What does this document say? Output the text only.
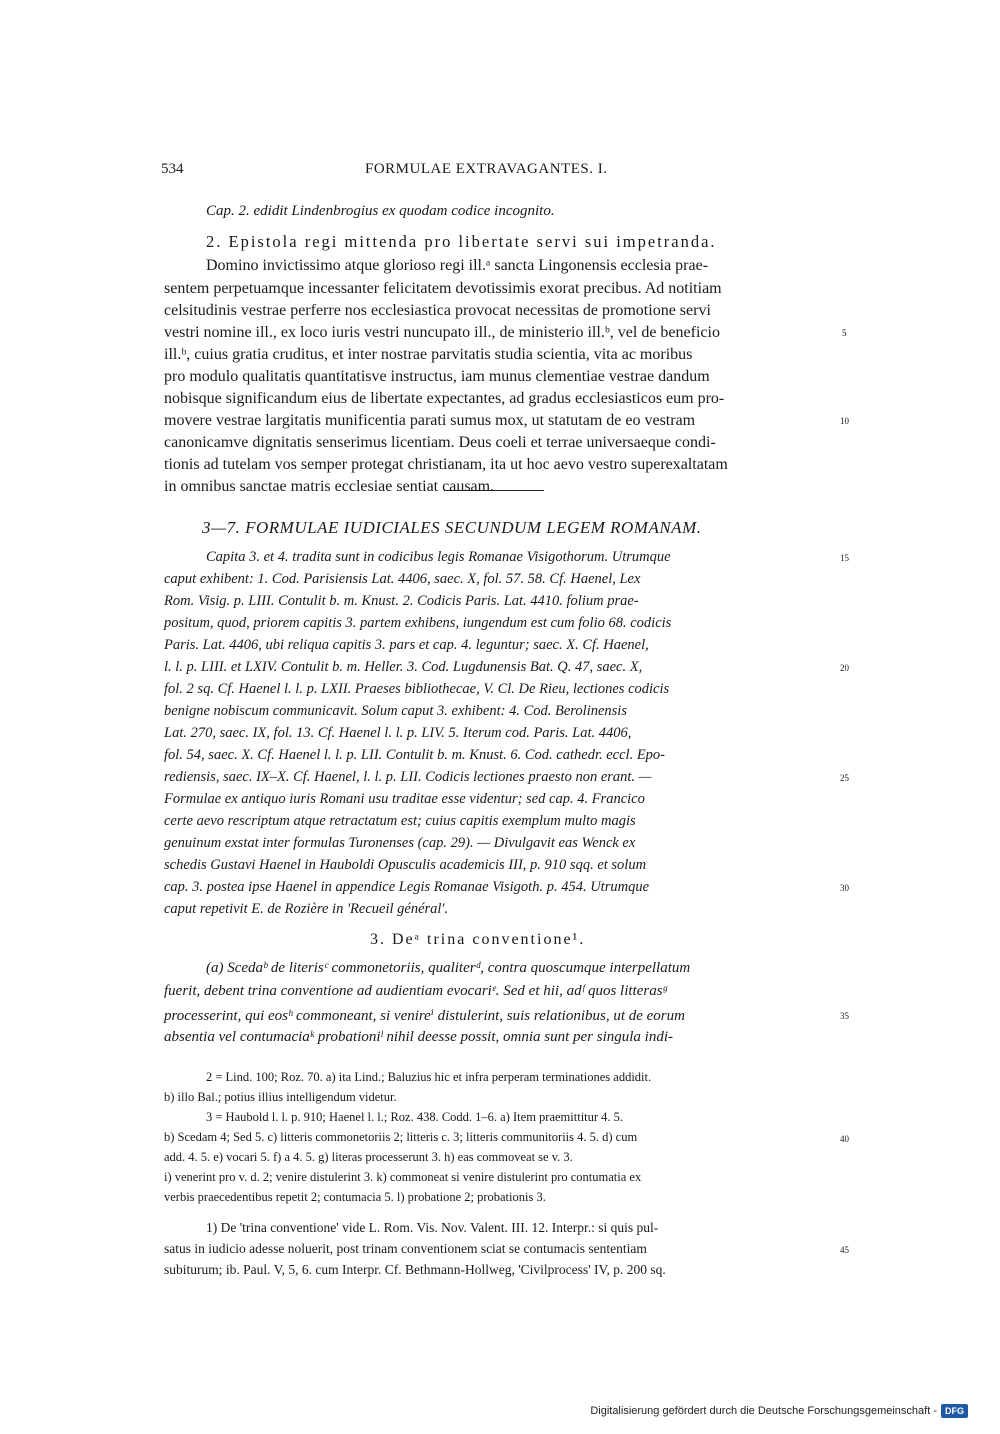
534	FORMULAE EXTRAVAGANTES. I.
Cap. 2. edidit Lindenbrogius ex quodam codice incognito.
2. Epistola regi mittenda pro libertate servi sui impetranda.
Domino invictissimo atque glorioso regi ill.ᵃ sancta Lingonensis ecclesia prae-
sentem perpetuamque incessanter felicitatem devotissimis exorat precibus. Ad notitiam
celsitudinis vestrae perferre nos ecclesiastica provocat necessitas de promotione servi
vestri nomine ill., ex loco iuris vestri nuncupato ill., de ministerio ill.ᵇ, vel de beneficio
ill.ᵇ, cuius gratia cruditus, et inter nostrae parvitatis studia scientia, vita ac moribus
pro modulo qualitatis quantitatisve instructus, iam munus clementiae vestrae dandum
nobisque significandum eius de libertate expectantes, ad gradus ecclesiasticos eum pro-
movere vestrae largitatis munificentia parati sumus mox, ut statutam de eo vestram
canonicamve dignitatis senserimus licentiam. Deus coeli et terrae universaeque condi-
tionis ad tutelam vos semper protegat christianam, ita ut hoc aevo vestro superexaltatam
in omnibus sanctae matris ecclesiae sentiat causam.
3—7. FORMULAE IUDICIALES SECUNDUM LEGEM ROMANAM.
Capita 3. et 4. tradita sunt in codicibus legis Romanae Visigothorum. Utrumque
caput exhibent: 1. Cod. Parisiensis Lat. 4406, saec. X, fol. 57. 58. Cf. Haenel, Lex
Rom. Visig. p. LIII. Contulit b. m. Knust. 2. Codicis Paris. Lat. 4410. folium prae-
positum, quod, priorem capitis 3. partem exhibens, iungendum est cum folio 68. codicis
Paris. Lat. 4406, ubi reliqua capitis 3. pars et cap. 4. leguntur; saec. X. Cf. Haenel,
l. l. p. LIII. et LXIV. Contulit b. m. Heller. 3. Cod. Lugdunensis Bat. Q. 47, saec. X,
fol. 2 sq. Cf. Haenel l. l. p. LXII. Praeses bibliothecae, V. Cl. De Rieu, lectiones codicis
benigne nobiscum communicavit. Solum caput 3. exhibent: 4. Cod. Berolinensis
Lat. 270, saec. IX, fol. 13. Cf. Haenel l. l. p. LIV. 5. Iterum cod. Paris. Lat. 4406,
fol. 54, saec. X. Cf. Haenel l. l. p. LII. Contulit b. m. Knust. 6. Cod. cathedr. eccl. Epo-
rediensis, saec. IX–X. Cf. Haenel, l. l. p. LII. Codicis lectiones praesto non erant. —
Formulae ex antiquo iuris Romani usu traditae esse videntur; sed cap. 4. Francico
certe aevo rescriptum atque retractatum est; cuius capitis exemplum multo magis
genuinum exstat inter formulas Turonenses (cap. 29). — Divulgavit eas Wenck ex
schedis Gustavi Haenel in Hauboldi Opusculis academicis III, p. 910 sqq. et solum
cap. 3. postea ipse Haenel in appendice Legis Romanae Visigoth. p. 454. Utrumque
caput repetivit E. de Rozière in 'Recueil général'.
3. Deᵃ trina conventione¹.
(a) Scedaᵇ de literisᶜ commonetoriis, qualiterᵈ, contra quoscumque interpellatum
fuerit, debent trina conventione ad audientiam evocariᵉ. Sed et hii, adᶠ quos litterasᵍ
processerint, qui eosʰ commoneant, si venireⁱ distulerint, suis relationibus, ut de eorum
absentia vel contumaciaᵏ probationiˡ nihil deesse possit, omnia sunt per singula indi-
2 = Lind. 100; Roz. 70. a) ita Lind.; Baluzius hic et infra perperam terminationes addidit.
b) illo Bal.; potius illius intelligendum videtur.
3 = Haubold l. l. p. 910; Haenel l. l.; Roz. 438. Codd. 1–6. a) Item praemittitur 4. 5.
b) Scedam 4; Sed 5. c) litteris commonetoriis 2; litteris c. 3; litteris communitoriis 4. 5. d) cum
add. 4. 5. e) vocari 5. f) a 4. 5. g) literas processerunt 3. h) eas commoveat se v. 3.
i) venerint pro v. d. 2; venire distulerint 3. k) commoneat si venire distulerint pro contumatia ex
verbis praecedentibus repetit 2; contumacia 5. l) probatione 2; probationis 3.
1) De 'trina conventione' vide L. Rom. Vis. Nov. Valent. III. 12. Interpr.: si quis pul-
satus in iudicio adesse noluerit, post trinam conventionem sciat se contumacis sententiam
subiturum; ib. Paul. V, 5, 6. cum Interpr. Cf. Bethmann-Hollweg, 'Civilprocess' IV, p. 200 sq.
5
10
15
20
25
30
35
40
45
Digitalisierung gefördert durch die Deutsche Forschungsgemeinschaft - DFG
